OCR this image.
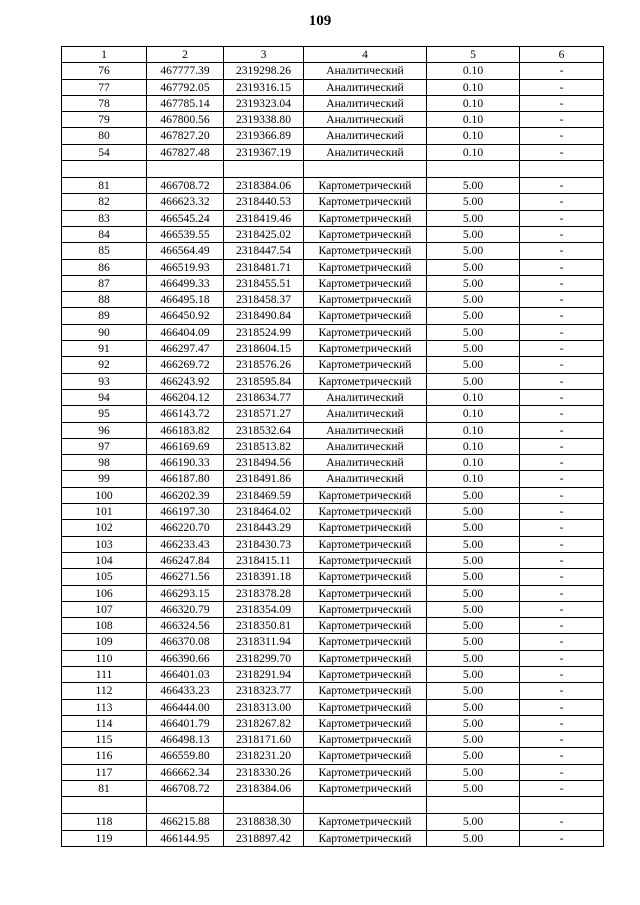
109
1	2	3	4	5	6
76	467777.39	2319298.26	Аналитический	0.10	-
77	467792.05	2319316.15	Аналитический	0.10	-
78	467785.14	2319323.04	Аналитический	0.10	-
79	467800.56	2319338.80	Аналитический	0.10	-
80	467827.20	2319366.89	Аналитический	0.10	-
54	467827.48	2319367.19	Аналитический	0.10	-

81	466708.72	2318384.06	Картометрический	5.00	-
82	466623.32	2318440.53	Картометрический	5.00	-
83	466545.24	2318419.46	Картометрический	5.00	-
84	466539.55	2318425.02	Картометрический	5.00	-
85	466564.49	2318447.54	Картометрический	5.00	-
86	466519.93	2318481.71	Картометрический	5.00	-
87	466499.33	2318455.51	Картометрический	5.00	-
88	466495.18	2318458.37	Картометрический	5.00	-
89	466450.92	2318490.84	Картометрический	5.00	-
90	466404.09	2318524.99	Картометрический	5.00	-
91	466297.47	2318604.15	Картометрический	5.00	-
92	466269.72	2318576.26	Картометрический	5.00	-
93	466243.92	2318595.84	Картометрический	5.00	-
94	466204.12	2318634.77	Аналитический	0.10	-
95	466143.72	2318571.27	Аналитический	0.10	-
96	466183.82	2318532.64	Аналитический	0.10	-
97	466169.69	2318513.82	Аналитический	0.10	-
98	466190.33	2318494.56	Аналитический	0.10	-
99	466187.80	2318491.86	Аналитический	0.10	-
100	466202.39	2318469.59	Картометрический	5.00	-
101	466197.30	2318464.02	Картометрический	5.00	-
102	466220.70	2318443.29	Картометрический	5.00	-
103	466233.43	2318430.73	Картометрический	5.00	-
104	466247.84	2318415.11	Картометрический	5.00	-
105	466271.56	2318391.18	Картометрический	5.00	-
106	466293.15	2318378.28	Картометрический	5.00	-
107	466320.79	2318354.09	Картометрический	5.00	-
108	466324.56	2318350.81	Картометрический	5.00	-
109	466370.08	2318311.94	Картометрический	5.00	-
110	466390.66	2318299.70	Картометрический	5.00	-
111	466401.03	2318291.94	Картометрический	5.00	-
112	466433.23	2318323.77	Картометрический	5.00	-
113	466444.00	2318313.00	Картометрический	5.00	-
114	466401.79	2318267.82	Картометрический	5.00	-
115	466498.13	2318171.60	Картометрический	5.00	-
116	466559.80	2318231.20	Картометрический	5.00	-
117	466662.34	2318330.26	Картометрический	5.00	-
81	466708.72	2318384.06	Картометрический	5.00	-

118	466215.88	2318838.30	Картометрический	5.00	-
119	466144.95	2318897.42	Картометрический	5.00	-
